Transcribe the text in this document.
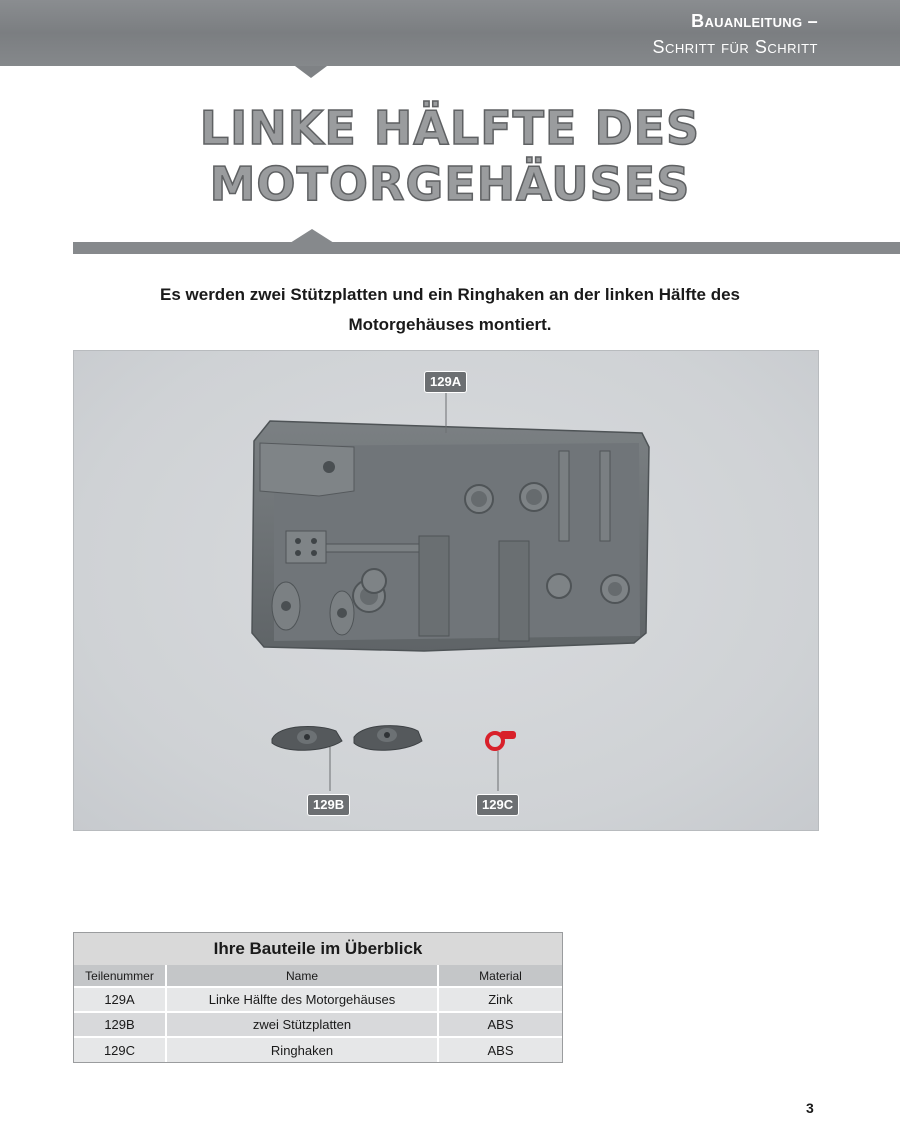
Bauanleitung –
Schritt für Schritt
LINKE HÄLFTE DES
MOTORGEHÄUSES
Es werden zwei Stützplatten und ein Ringhaken an der linken Hälfte des
Motorgehäuses montiert.
129A
129B	129C
Ihre Bauteile im Überblick
Teilenummer	Name	Material
129A	Linke Hälfte des Motorgehäuses	Zink
129B	zwei Stützplatten	ABS
129C	Ringhaken	ABS
3
